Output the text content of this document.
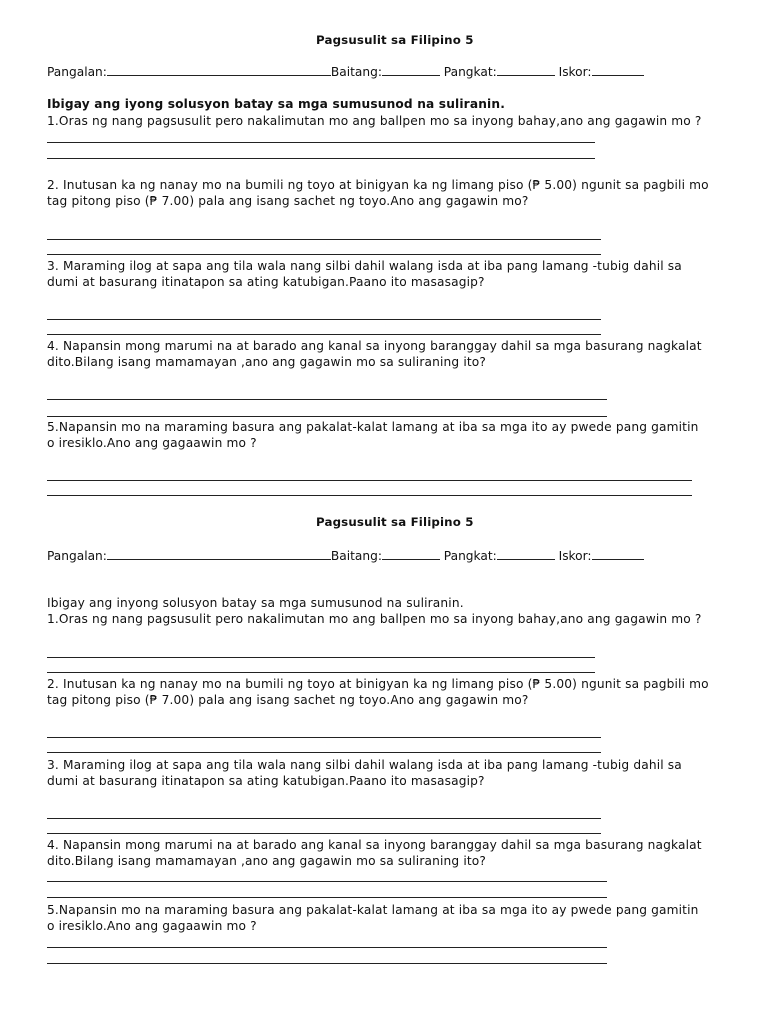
Pagsusulit sa Filipino 5
Pangalan:	Baitang:	Pangkat:	Iskor:
Ibigay ang iyong solusyon batay sa mga sumusunod na suliranin.
1.Oras ng nang pagsusulit pero nakalimutan mo ang ballpen mo sa inyong bahay,ano ang gagawin mo ?
2. Inutusan ka ng nanay mo na bumili ng toyo at binigyan ka ng limang piso (₱ 5.00) ngunit sa pagbili mo
tag pitong piso (₱ 7.00) pala ang isang sachet ng toyo.Ano ang gagawin mo?
3. Maraming ilog at sapa ang tila wala nang silbi dahil walang isda at iba pang lamang -tubig dahil sa
dumi at basurang itinatapon sa ating katubigan.Paano ito masasagip?
4. Napansin mong marumi na at barado ang kanal sa inyong baranggay dahil sa mga basurang nagkalat
dito.Bilang isang mamamayan ,ano ang gagawin mo sa suliraning ito?
5.Napansin mo na maraming basura ang pakalat-kalat lamang at iba sa mga ito ay pwede pang gamitin
o iresiklo.Ano ang gagaawin mo ?
Pagsusulit sa Filipino 5
Pangalan:	Baitang:	Pangkat:	Iskor:
Ibigay ang inyong solusyon batay sa mga sumusunod na suliranin.
1.Oras ng nang pagsusulit pero nakalimutan mo ang ballpen mo sa inyong bahay,ano ang gagawin mo ?
2. Inutusan ka ng nanay mo na bumili ng toyo at binigyan ka ng limang piso (₱ 5.00) ngunit sa pagbili mo
tag pitong piso (₱ 7.00) pala ang isang sachet ng toyo.Ano ang gagawin mo?
3. Maraming ilog at sapa ang tila wala nang silbi dahil walang isda at iba pang lamang -tubig dahil sa
dumi at basurang itinatapon sa ating katubigan.Paano ito masasagip?
4. Napansin mong marumi na at barado ang kanal sa inyong baranggay dahil sa mga basurang nagkalat
dito.Bilang isang mamamayan ,ano ang gagawin mo sa suliraning ito?
5.Napansin mo na maraming basura ang pakalat-kalat lamang at iba sa mga ito ay pwede pang gamitin
o iresiklo.Ano ang gagaawin mo ?
